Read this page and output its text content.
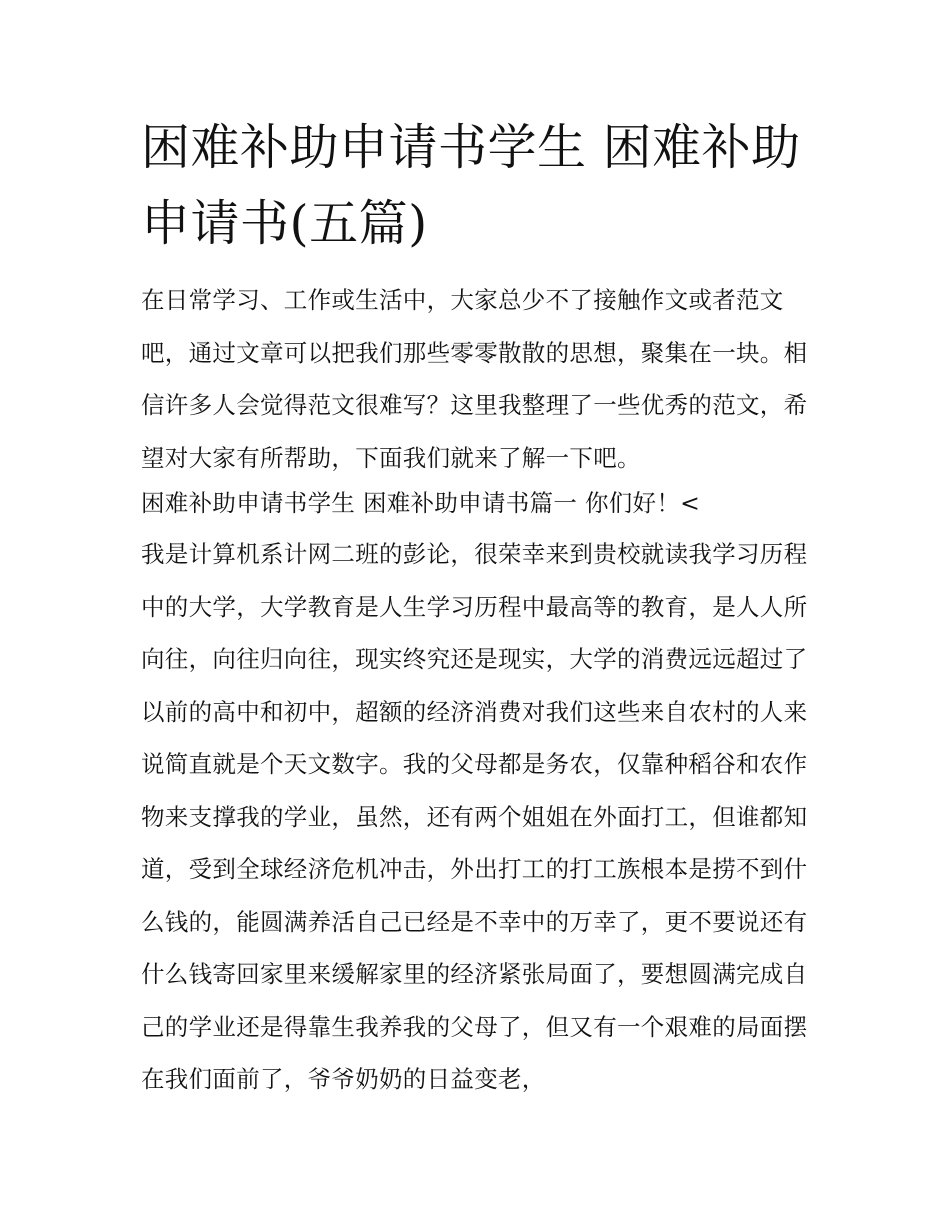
困难补助申请书学生 困难补助申请书(五篇)

在日常学习、工作或生活中，大家总少不了接触作文或者范文吧，通过文章可以把我们那些零零散散的思想，聚集在一块。相信许多人会觉得范文很难写？这里我整理了一些优秀的范文，希望对大家有所帮助，下面我们就来了解一下吧。

困难补助申请书学生 困难补助申请书篇一 你们好！<

我是计算机系计网二班的彭论，很荣幸来到贵校就读我学习历程中的大学，大学教育是人生学习历程中最高等的教育，是人人所向往，向往归向往，现实终究还是现实，大学的消费远远超过了以前的高中和初中，超额的经济消费对我们这些来自农村的人来说简直就是个天文数字。我的父母都是务农，仅靠种稻谷和农作物来支撑我的学业，虽然，还有两个姐姐在外面打工，但谁都知道，受到全球经济危机冲击，外出打工的打工族根本是捞不到什么钱的，能圆满养活自己已经是不幸中的万幸了，更不要说还有什么钱寄回家里来缓解家里的经济紧张局面了，要想圆满完成自己的学业还是得靠生我养我的父母了，但又有一个艰难的局面摆在我们面前了，爷爷奶奶的日益变老，
